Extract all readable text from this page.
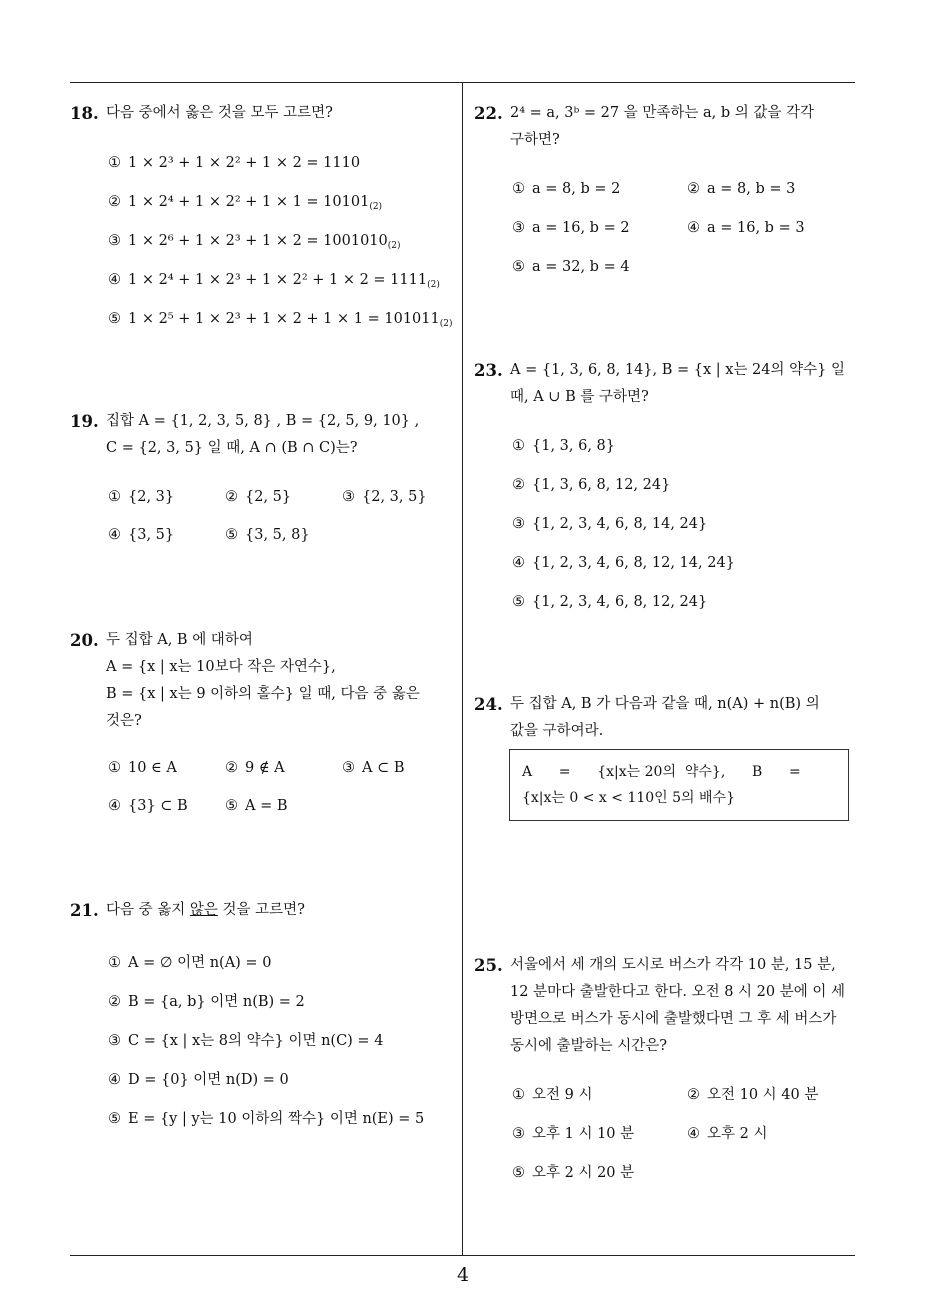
4
18. 다음 중에서 옳은 것을 모두 고르면?
① 1 × 2³ + 1 × 2² + 1 × 2 = 1110
② $1 \times 2^4 + 1 \times 2^2 + 1 \times 1 = 10101_{(2)}$
③ $1 \times 2^6 + 1 \times 2^3 + 1 \times 2 = 1001010_{(2)}$
④ $1 \times 2^4 + 1 \times 2^3 + 1 \times 2^2 + 1 \times 2 = 1111_{(2)}$
⑤ $1 \times 2^5 + 1 \times 2^3 + 1 \times 2 + 1 \times 1 = 101011_{(2)}$
19. 집합 A = {1, 2, 3, 5, 8} , B = {2, 5, 9, 10} ,
C = {2, 3, 5} 일 때, A ∩ (B ∩ C)는?
① {2, 3}	② {2, 5}	③ {2, 3, 5}
④ {3, 5}	⑤ {3, 5, 8}
20. 두 집합 A, B 에 대하여
A = {x | x는 10보다 작은 자연수},
B = {x | x는 9 이하의 홀수} 일 때, 다음 중 옳은
것은?
① 10 ∈ A	② 9 ∉ A	③ A ⊂ B
④ {3} ⊂ B	⑤ A = B
21. 다음 중 옳지 않은 것을 고르면?
① A = ∅ 이면 n(A) = 0
② B = {a, b} 이면 n(B) = 2
③ C = {x | x는 8의 약수} 이면 n(C) = 4
④ D = {0} 이면 n(D) = 0
⑤ E = {y | y는 10 이하의 짝수} 이면 n(E) = 5
22. 2⁴ = a, 3ᵇ = 27 을 만족하는 a, b 의 값을 각각
구하면?
① a = 8, b = 2	② a = 8, b = 3
③ a = 16, b = 2	④ a = 16, b = 3
⑤ a = 32, b = 4
23. A = {1, 3, 6, 8, 14}, B = {x | x는 24의 약수} 일
때, A ∪ B 를 구하면?
① {1, 3, 6, 8}
② {1, 3, 6, 8, 12, 24}
③ {1, 2, 3, 4, 6, 8, 14, 24}
④ {1, 2, 3, 4, 6, 8, 12, 14, 24}
⑤ {1, 2, 3, 4, 6, 8, 12, 24}
24. 두 집합 A, B 가 다음과 같을 때, n(A) + n(B) 의
값을 구하여라.
A      =      {x|x는 20의  약수},      B      =
{x|x는 0 < x < 110인 5의 배수}
25. 서울에서 세 개의 도시로 버스가 각각 10 분, 15 분,
12 분마다 출발한다고 한다. 오전 8 시 20 분에 이 세
방면으로 버스가 동시에 출발했다면 그 후 세 버스가
동시에 출발하는 시간은?
① 오전 9 시	② 오전 10 시 40 분
③ 오후 1 시 10 분	④ 오후 2 시
⑤ 오후 2 시 20 분
